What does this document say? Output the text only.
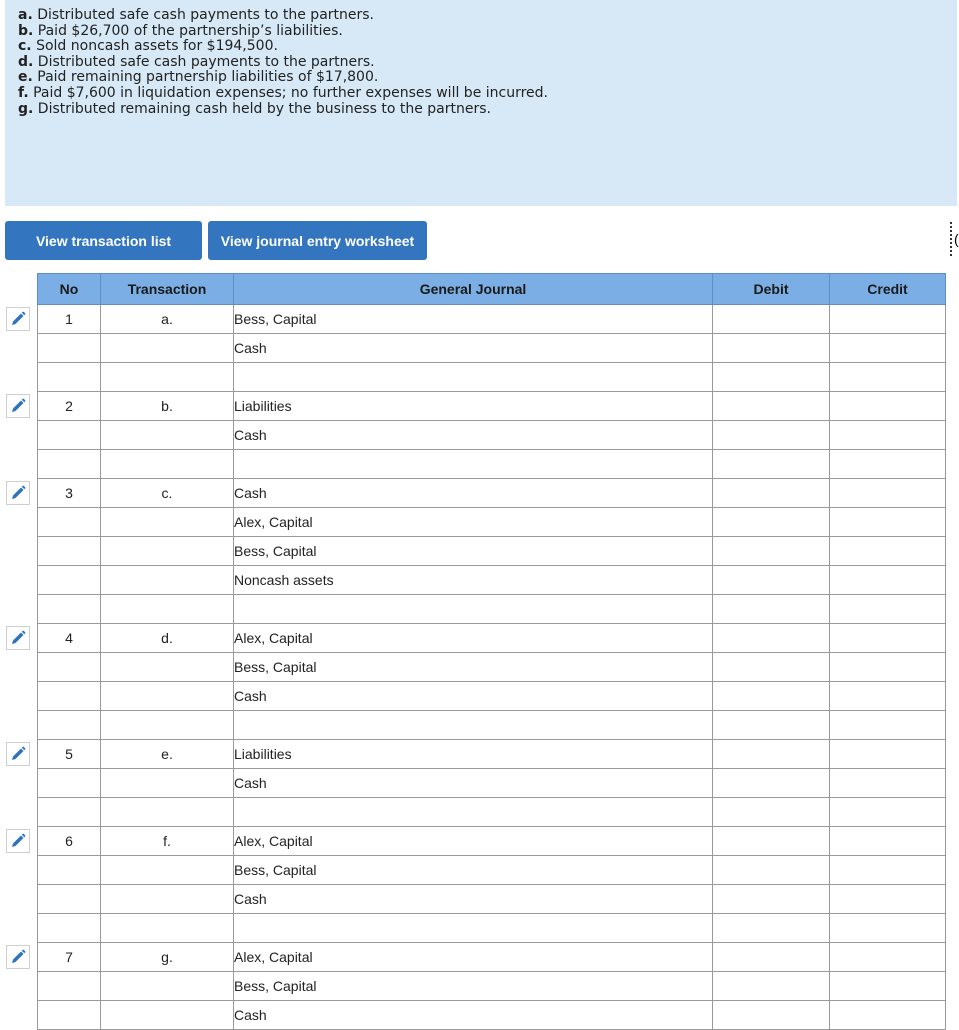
a. Distributed safe cash payments to the partners.
b. Paid $26,700 of the partnership’s liabilities.
c. Sold noncash assets for $194,500.
d. Distributed safe cash payments to the partners.
e. Paid remaining partnership liabilities of $17,800.
f. Paid $7,600 in liquidation expenses; no further expenses will be incurred.
g. Distributed remaining cash held by the business to the partners.
View transaction list	View journal entry worksheet	(
No	Transaction	General Journal	Debit	Credit
1	a.	Bess, Capital		
		Cash		

2	b.	Liabilities		
		Cash		

3	c.	Cash		
		Alex, Capital		
		Bess, Capital		
		Noncash assets		

4	d.	Alex, Capital		
		Bess, Capital		
		Cash		

5	e.	Liabilities		
		Cash		

6	f.	Alex, Capital		
		Bess, Capital		
		Cash		

7	g.	Alex, Capital		
		Bess, Capital		
		Cash		
